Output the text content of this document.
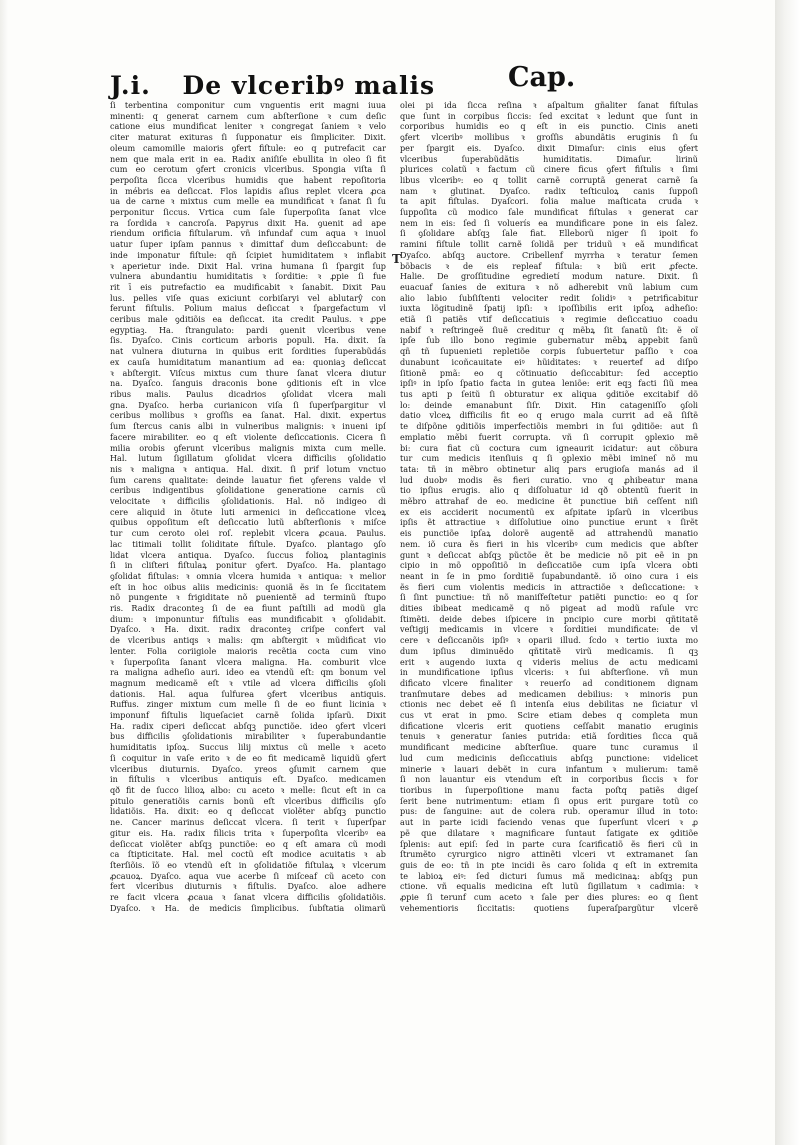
J.i. De vlceribꝰ malis	Cap.
T
ſi terbentina componitur cum vnguentis erit magni iuua
minenti: q generat carnem cum abſterſione ꝛ cum deſic
catione eius mundificat leniter ꝛ congregat ſaniem ꝛ velo
citer maturat exituras ſi ſupponatur eis ſimpliciter. Dixit.
oleum camomille maioris ꝯfert fiſtule: eo q putrefacit car
nem que mala erit in ea. Radix aniſiſe ebullita in oleo ſi fit
cum eo cerotum ꝯfert cronicis vlceribus. Spongia viſta ſi
perpoſita ſicca vlceribus humidis que habent repoſitoria
in mébris ea deſiccat. Flos lapidis aſius replet vlcera ꝓca
ua de carne ꝛ mixtus cum melle ea mundificat ꝛ ſanat ſi ſu
perponitur ſiccus. Vrtica cum ſale ſuperpoſita ſanat vlce
ra ſordida ꝛ cancroſa. Papyrus dixit Ha. ꝯuenit ad ape
riendum orificia fiſtularum. vñ infundaf cum aqua ꝛ inuol
uatur ſuper ipſam pannus ꝛ dimittaf dum deſiccabunt: de
inde imponatur fiſtule: qñ ſcipiet humiditatem ꝛ inflabit
ꝛ aperietur inde. Dixit Hal. vrina humana ſi ſpargit ſup
vulnera abundantiu humiditatis ꝛ ſorditie: ꝛ ꝓpie ſi fue
rit ī eis putrefactio ea mudificabit ꝛ ſanabit. Dixit Pau
lus. pelles viſe quas exiciunt corbiſaryi vel ablutarŷ con
ferunt fiſtulis. Polium maius deſiccat ꝛ ſpargefactum vl
ceribus male ꝯditiõis ea deſiccat. ita credit Paulus. ꝛ ꝓpe
egyptiaꝫ. Ha. ſtrangulato: pardi ꝯuenit vlceribus vene
ſis. Dyaſco. Cinis corticum arboris populi. Ha. dixit. ſa
nat vulnera diuturna in quibus erit ſordities ſuperabũdás
ex cauſa humiditatum manantium ad ea: quoniaꝫ deſiccat
ꝛ abſtergit. Viſcus mixtus cum thure ſanat vlcera diutur
na. Dyaſco. ſanguis draconis bone ꝯditionis eſt in vlce
ribus malis. Paulus dicadrios ꝯſolidat vlcera mali
gna. Dyaſco. herba curianicon viſa ſi ſuperſpargitur vl
ceribus mollibus ꝛ groſſis ea ſanat. Hal. dixit. expertus
ſum ſtercus canis albi in vulneribus malignis: ꝛ inueni ipſ
facere mirabiliter. eo q eſt violente deſiccationis. Cicera ſi
milia orobis ꝯferunt vlceribus malignis mixta cum melle.
Hal. lutum ſigillatum ꝯſolidat vlcera difficilis ꝯſolidatio
nis ꝛ maligna ꝛ antiqua. Hal. dixit. ſi prif lotum vnctuo
ſum carens qualitate: deinde lauatur fiet ꝯferens valde vl
ceribus indigentibus ꝯſolidatione generatione carnis cũ
velocitate ꝛ difficilis ꝯſolidationis. Hal. nõ indigeo di
cere aliquid in õtute luti armenici in deſiccatione vlceꝝ
quibus oppoſitum eſt deſiccatio lutũ abſterſionis ꝛ miſce
tur cum ceroto olei roſ. replebit vlcera ꝓcaua. Paulus.
lac titimali tollit ſoliditate fiſtule. Dyaſco. plantago ꝯſo
lidat vlcera antiqua. Dyaſco. ſuccus folioꝝ plantaginis
ſi in cliſteri fiſtulaꝝ ponitur ꝯfert. Dyaſco. Ha. plantago
ꝯſolidat fiſtulas: ꝛ omnia vlcera humida ꝛ antiqua: ꝛ melior
eſt in hoc oibus aliis medicinis: quoniã ẽs in ſe ſiccitatem
nõ pungente ꝛ frigiditate nõ ꝑuenientẽ ad terminũ ſtupo
ris. Radix draconteꝫ ſi de ea fiunt paſtilli ad modũ gla
dium: ꝛ imponuntur fiſtulis eas mundificabit ꝛ ꝯſolidabit.
Dyaſco. ꝛ Ha. dixit. radix draconteꝫ criſpe confert val
de vlceribus antiqs ꝛ malis: qm abſtergit ꝛ mũdificat vio
lenter. Folia coriigiole maioris recẽtia cocta cum vino
ꝛ ſuperpoſita ſanant vlcera maligna. Ha. comburit vlce
ra maligna adheſio auri. ideo ea vtendũ eſt: qm bonum vel
magnum medicamẽ eſt ꝛ vtile ad vlcera difficilis ꝯſoli
dationis. Hal. aqua ſulfurea ꝯfert vlceribus antiquis.
Ruffus. zinger mixtum cum melle ſi de eo fiunt licinia ꝛ
imponunf fiſtulis liqueſaciet carnẽ ſolida ipſarũ. Dixit
Ha. radix ciperi deſiccat abſqꝫ punctiõe. ideo ꝯfert vlceri
bus difficilis ꝯſolidationis mirabiliter ꝛ ſuperabundantie
humiditatis ipſoꝝ. Succus lilij mixtus cũ melle ꝛ aceto
ſi coquitur in vaſe erito ꝛ de eo fit medicamẽ liquidũ ꝯfert
vlceribus diuturnis. Dyaſco. yreos ꝯſumit carnem que
in fiſtulis ꝛ vlceribus antiquis eſt. Dyaſco. medicamen
qð fit de ſucco lilioꝝ albo: cu aceto ꝛ melle: ſicut eſt in ca
pitulo generatiõis carnis bonũ eſt vlceribus difficilis ꝯſo
lidatiõis. Ha. dixit: eo q deſiccat violẽter abſqꝫ punctio
ne. Cancer marinus deſiccat vlcera. ſi terit ꝛ ſuperſpar
gitur eis. Ha. radix filicis trita ꝛ ſuperpoſita vlceribꝰ ea
deſiccat violẽter abſqꝫ punctiõe: eo q eſt amara cũ modi
ca ſtipticitate. Hal. mel coctũ eſt modice acuitatis ꝛ ab
ſterſiõis. ĩõ eo vtendũ eſt in ꝯſolidatiõe fiſtulaꝝ ꝛ vlcerum
ꝓcauoꝝ. Dyaſco. aqua vue acerbe ſi miſceaf cũ aceto con
fert vlceribus diuturnis ꝛ fiſtulis. Dyaſco. aloe adhere
re facit vlcera ꝓcaua ꝛ ſanat vlcera difficilis ꝯſolidatiõis.
Dyaſco. ꝛ Ha. de medicis ſimplicibus. ſubſtatia olimarũ
olei pi ida ſicca reſina ꝛ aſpaltum gñaliter ſanat fiſtulas
que ſunt in corpibus ſiccis: ſed excitat ꝛ ledunt que ſunt in
corporibus humidis eo q eſt in eis punctio. Cinis aneti
ꝯfert vlceribꝰ mollibus ꝛ groſſis abundãtis eruginis ſi ſu
per ſpargit eis. Dyaſco. dixit Dimaſur: cinis eius ꝯfert
vlceribus ſuperabũdãtis humiditatis. Dimaſur. lirinũ
plurices colatũ ꝛ factum cũ cinere ficus ꝯfert fiſtulis ꝛ ſimi
libus vlceribꝰ: eo q tollit carnẽ corruptã generat carnẽ ſa
nam ꝛ glutinat. Dyaſco. radix teſticuloꝝ canis ſuppoſi
ta apit fiſtulas. Dyaſcori. folia malue maſticata cruda ꝛ
ſuppoſita cũ modico ſale mundificat fiſtulas ꝛ generat car
nem in eis: ſed ſi voluerís ea mundificare pone in eis ſalez.
ſi ꝯſolidare abſqꝫ ſale fiat. Elleborũ niger ſi ipoit fo
ramini fiſtule tollit carnẽ ſolidã per triduũ ꝛ eã mundificat
Dyaſco. abſqꝫ auctore. Cribellenf myrrha ꝛ teratur ſemen
bõbacis ꝛ de eis repleaf fiſtula: ꝛ biũ erit ꝓfecte.
Halie. De groſſitudine egredietí modum nature. Dixit. ſi
euacuaf ſanies de exitura ꝛ nõ adherebit vnũ labium cum
alio labio ſubſiſtenti velociter redit ſolidiꝰ ꝛ petrificabitur
iuxta lõgitudinẽ ſpatij ipſi: ꝛ ipoſſibilis erit ipſoꝝ adheſio:
etiã ſi patiẽs vtif deſiccatiuis ꝛ regimie deſiccatiuo coadu
nabif ꝛ reſtringeẽ ſiuẽ creditur q mẽbꝝ ſit ſanatũ ſit: ẽ oĩ
ipſe ſub illo bono regimie gubernatur mẽbꝝ appebit ſanũ
qñ tñ ſupuenieti repletiõe corpis ſubuertetur paſſio ꝛ coa
dunabunt icoñcauitate eiꝰ hũiditates: ꝛ reuertef ad diſpo
ſitionẽ pmã: eo q cõtinuatio deſiccabitur: ſed acceptio
ipſiꝰ in ipſo ſpatio facta in gutea leniõe: erit eqꝫ facti ſiũ mea
tus apti p ſeitũ ſi obturatur ex aliqua ꝯditiõe excitabif dõ
lo: deinde emanabunt ſiſr. Dixit. Hin catageniſſo ꝯſoli
datio vlceꝝ difficilis fit eo q erugo mala currit ad eã ſiſtẽ
te diſpõne ꝯditiõis imperfectiõis membri in ſui ꝯditiõe: aut ſi
emplatio mẽbi fuerit corrupta. vñ ſi corrupit ꝯplexio mẽ
bi: cura fiat cũ coctura cum igneaurit icidatur: aut cõbura
tur cum medicis itenſiuis q ſi ꝯplexio mẽbi imineſ nõ mu
tata: tñ in mẽbro obtinetur aliq pars erugioſa manás ad il
lud duobꝰ modis ẽs fieri curatio. vno q ꝓhibeatur mana
tio ipſius erugis. alio q diſſoluatur id qð obtentũ fuerit in
mẽbro attrahaf de eo. medicine ẽt punctiue biñ ceſſent niſi
ex eis acciderit nocumentũ ex aſpitate ipſarũ in vlceribus
ipſis ẽt attractiue ꝛ diſſolutiue oino punctiue erunt ꝛ ſirẽt
eis punctiõe ipſaꝝ dolorẽ augentẽ ad attrahendũ manatio
nem. iõ cura ẽs fieri in his vlceribꝰ cum medicis que abſter
gunt ꝛ deſiccat abſqꝫ pũctõe ẽt be medicie nõ pit eẽ in pn
cipio in mõ oppoſitiõ in deſiccatiõe cum ipſa vlcera obti
neant in ſe in pmo ſorditiẽ ſupabundantẽ. iõ oino cura i eis
ẽs fieri cum violentis medicis in attractiõe ꝛ deſiccatione: ꝛ
ſi ſint punctiue: tñ nõ maniſfeſtetur patiẽti punctio: eo q ſor
dities ibibeat medicamẽ q nõ pigeat ad modũ raſule vrc
ſtimẽti. deide debes iſpicere in pncipio cure morbi qñtitatẽ
veſtigij medicamis in vlcere ꝛ ſorditiei mundificate: de vl
cere ꝛ deſiccanõis ipſiꝰ ꝛ oparii illud. ſcdo ꝛ tertio iuxta mo
dum ipſius diminuẽdo qñtitatẽ virũ medicamis. ſi qꝫ
erit ꝛ augendo iuxta q videris melius de actu medicami
in mundificatione ipſius vlceris: ꝛ ſui abſterſione. vñ mun
dificato vlcere finaliter ꝛ reuerſo ad conditionem dignam
tranſmutare debes ad medicamen debilius: ꝛ minoris pun
ctionis nec debet eẽ ſi intenſa eius debilitas ne ſiciatur vl
cus vt erat in pmo. Scire etiam debes q completa mun
dificatione vlceris erit quotiens ceſſabit manatio eruginis
tenuis ꝛ generatur ſanies putrida: etiã ſordities ſicca quã
mundificant medicine abſterſiue. quare tunc curamus il
lud cum medicinis deſiccatiuis abſqꝫ punctione: videlicet
minerie ꝛ lauari debẽt in cura infantum ꝛ mulierum: tamẽ
ſi non lauantur eis vtendum eſt in corporibus ſiccis ꝛ for
tioribus in ſuperpoſitione manu facta poſtq patiẽs digeſ
ſerit bene nutrimentum: etiam ſi opus erit purgare totũ co
pus: de ſanguine: aut de colera rub. operamur illud in toto:
aut in parte icidi faciendo venas que ſuperſunt vlceri ꝛ ꝓ
pẽ que dilatare ꝛ magnificare ſuntaut ſatigate ex ꝯditiõe
ſplenis: aut epiſ: ſed in parte cura ſcarificatiõ ẽs fieri cũ in
ſtrumẽto cyrurgico nigro attinẽti vlceri vt extramanet ſan
guis de eo: tñ in pte incidi ẽs caro ſolida q eſt in extremita
te labioꝝ eiꝰ: ſed dicturi ſumus mã medicinaꝝ: abſqꝫ pun
ctione. vñ equalis medicina eſt lutũ ſigillatum ꝛ cadimia: ꝛ
ꝓpie ſi terunf cum aceto ꝛ ſale per dies plures: eo q ſient
vehementioris ſiccitatis: quotiens ſuperaſpargũtur vlcerẽ
